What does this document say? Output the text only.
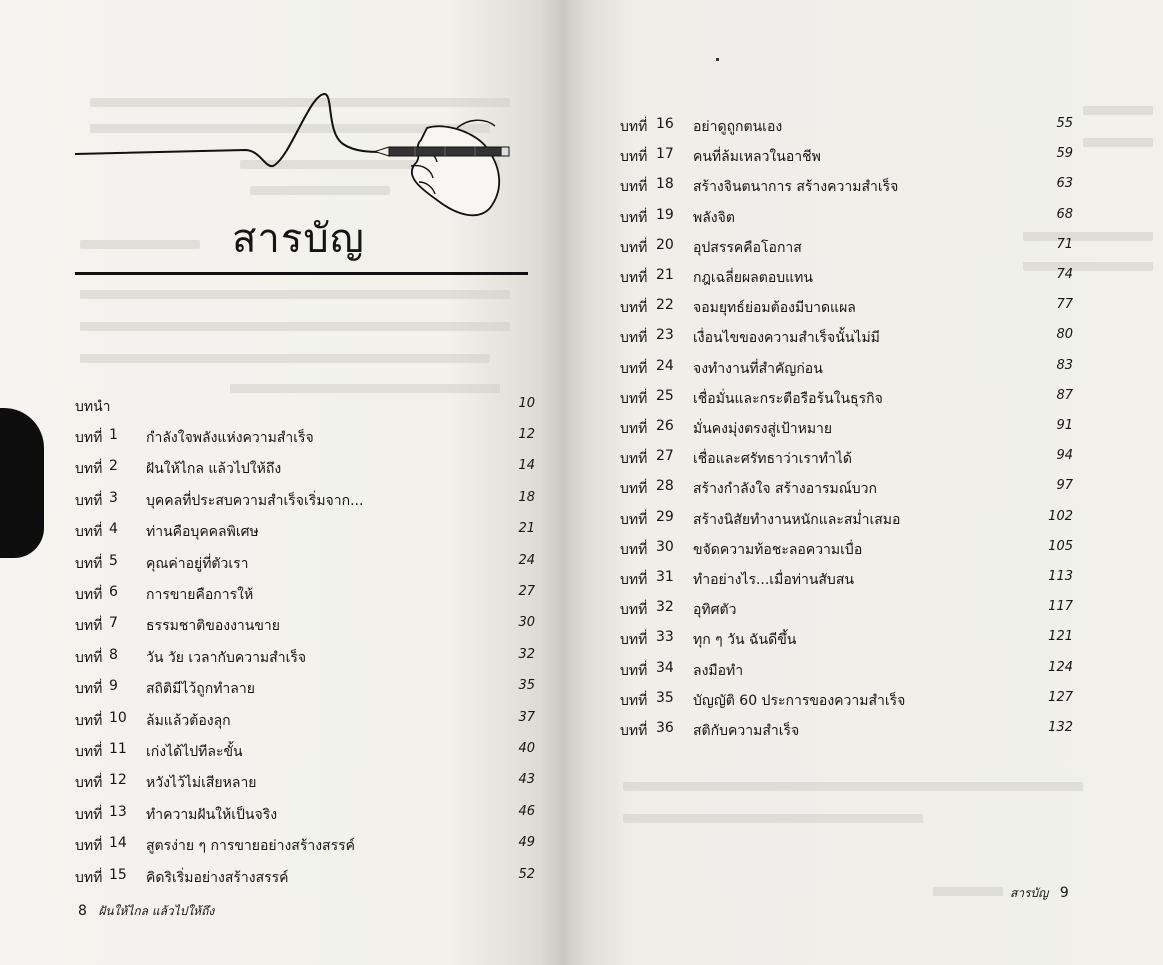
สารบัญ
บทนำ	10
บทที่ 1 กำลังใจพลังแห่งความสำเร็จ	12
บทที่ 2 ฝันให้ไกล แล้วไปให้ถึง	14
บทที่ 3 บุคคลที่ประสบความสำเร็จเริ่มจาก...	18
บทที่ 4 ท่านคือบุคคลพิเศษ	21
บทที่ 5 คุณค่าอยู่ที่ตัวเรา	24
บทที่ 6 การขายคือการให้	27
บทที่ 7 ธรรมชาติของงานขาย	30
บทที่ 8 วัน วัย เวลากับความสำเร็จ	32
บทที่ 9 สถิติมีไว้ถูกทำลาย	35
บทที่ 10 ล้มแล้วต้องลุก	37
บทที่ 11 เก่งได้ไปทีละขั้น	40
บทที่ 12 หวังไว้ไม่เสียหลาย	43
บทที่ 13 ทำความฝันให้เป็นจริง	46
บทที่ 14 สูตรง่าย ๆ การขายอย่างสร้างสรรค์	49
บทที่ 15 คิดริเริ่มอย่างสร้างสรรค์	52
8 ฝันให้ไกล แล้วไปให้ถึง
บทที่ 16 อย่าดูถูกตนเอง	55
บทที่ 17 คนที่ล้มเหลวในอาชีพ	59
บทที่ 18 สร้างจินตนาการ สร้างความสำเร็จ	63
บทที่ 19 พลังจิต	68
บทที่ 20 อุปสรรคคือโอกาส	71
บทที่ 21 กฎเฉลี่ยผลตอบแทน	74
บทที่ 22 จอมยุทธ์ย่อมต้องมีบาดแผล	77
บทที่ 23 เงื่อนไขของความสำเร็จนั้นไม่มี	80
บทที่ 24 จงทำงานที่สำคัญก่อน	83
บทที่ 25 เชื่อมั่นและกระตือรือร้นในธุรกิจ	87
บทที่ 26 มั่นคงมุ่งตรงสู่เป้าหมาย	91
บทที่ 27 เชื่อและศรัทธาว่าเราทำได้	94
บทที่ 28 สร้างกำลังใจ สร้างอารมณ์บวก	97
บทที่ 29 สร้างนิสัยทำงานหนักและสม่ำเสมอ	102
บทที่ 30 ขจัดความท้อชะลอความเบื่อ	105
บทที่ 31 ทำอย่างไร...เมื่อท่านสับสน	113
บทที่ 32 อุทิศตัว	117
บทที่ 33 ทุก ๆ วัน ฉันดีขึ้น	121
บทที่ 34 ลงมือทำ	124
บทที่ 35 บัญญัติ 60 ประการของความสำเร็จ	127
บทที่ 36 สติกับความสำเร็จ	132
สารบัญ 9
